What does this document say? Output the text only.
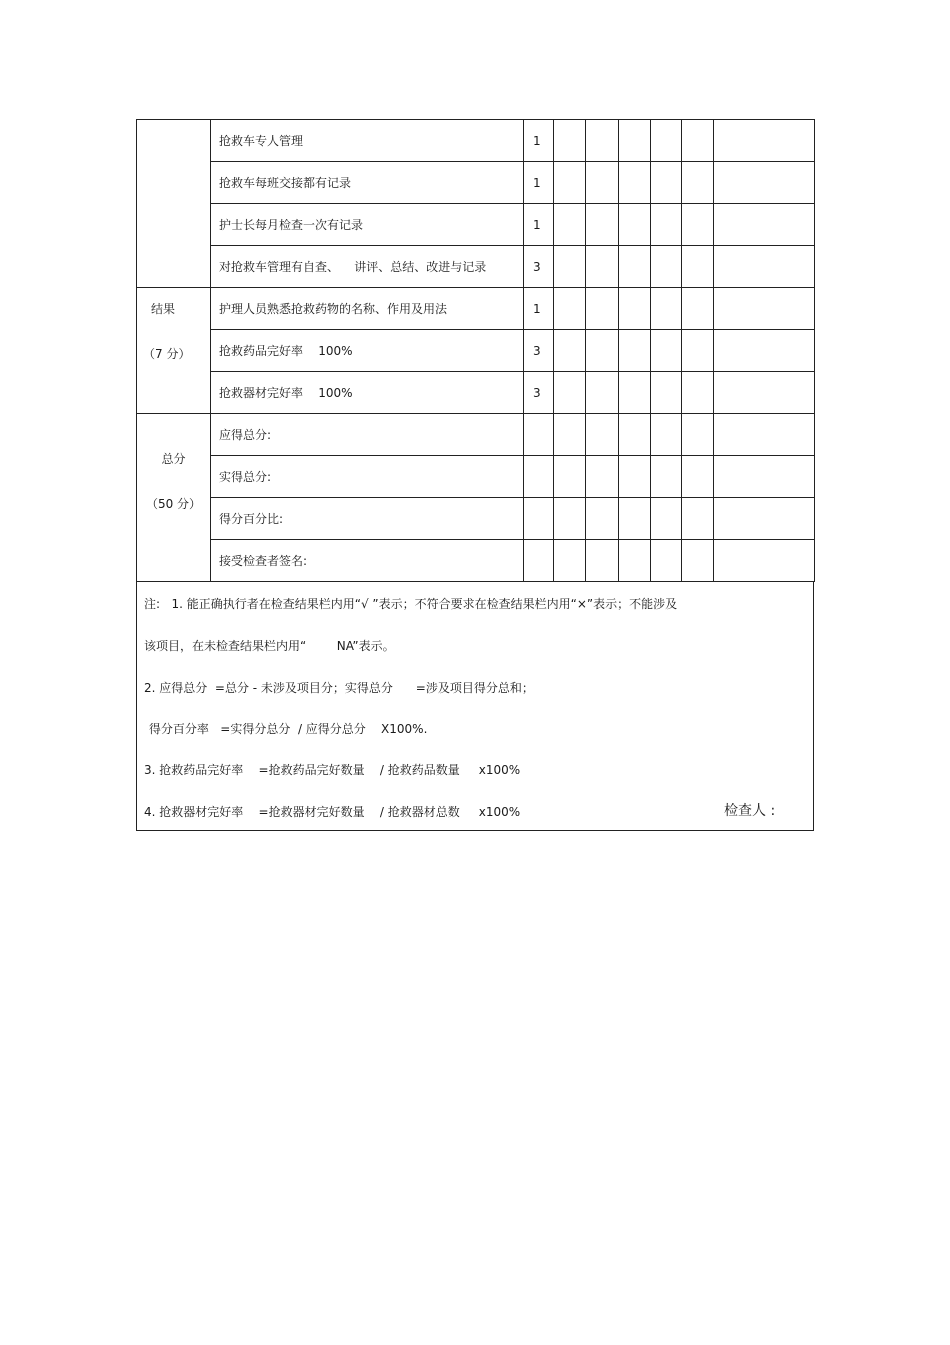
	抢救车专人管理	1						
	抢救车每班交接都有记录	1						
	护士长每月检查一次有记录	1						
	对抢救车管理有自查、    讲评、总结、改进与记录	3						

结果
（7 分）	护理人员熟悉抢救药物的名称、作用及用法	1						
	抢救药品完好率    100%	3						
	抢救器材完好率    100%	3						

总分
（50 分）	应得总分:							
	实得总分:							
	得分百分比:							
	接受检查者签名:							
注:   1. 能正确执行者在检查结果栏内用“√ ”表示；不符合要求在检查结果栏内用“×”表示；不能涉及
该项目，在未检查结果栏内用“        NA”表示。
2. 应得总分  =总分 - 未涉及项目分；实得总分      =涉及项目得分总和；
得分百分率   =实得分总分  / 应得分总分    X100%.
3. 抢救药品完好率    =抢救药品完好数量    / 抢救药品数量     x100%
4. 抢救器材完好率    =抢救器材完好数量    / 抢救器材总数     x100%	检查人 :
